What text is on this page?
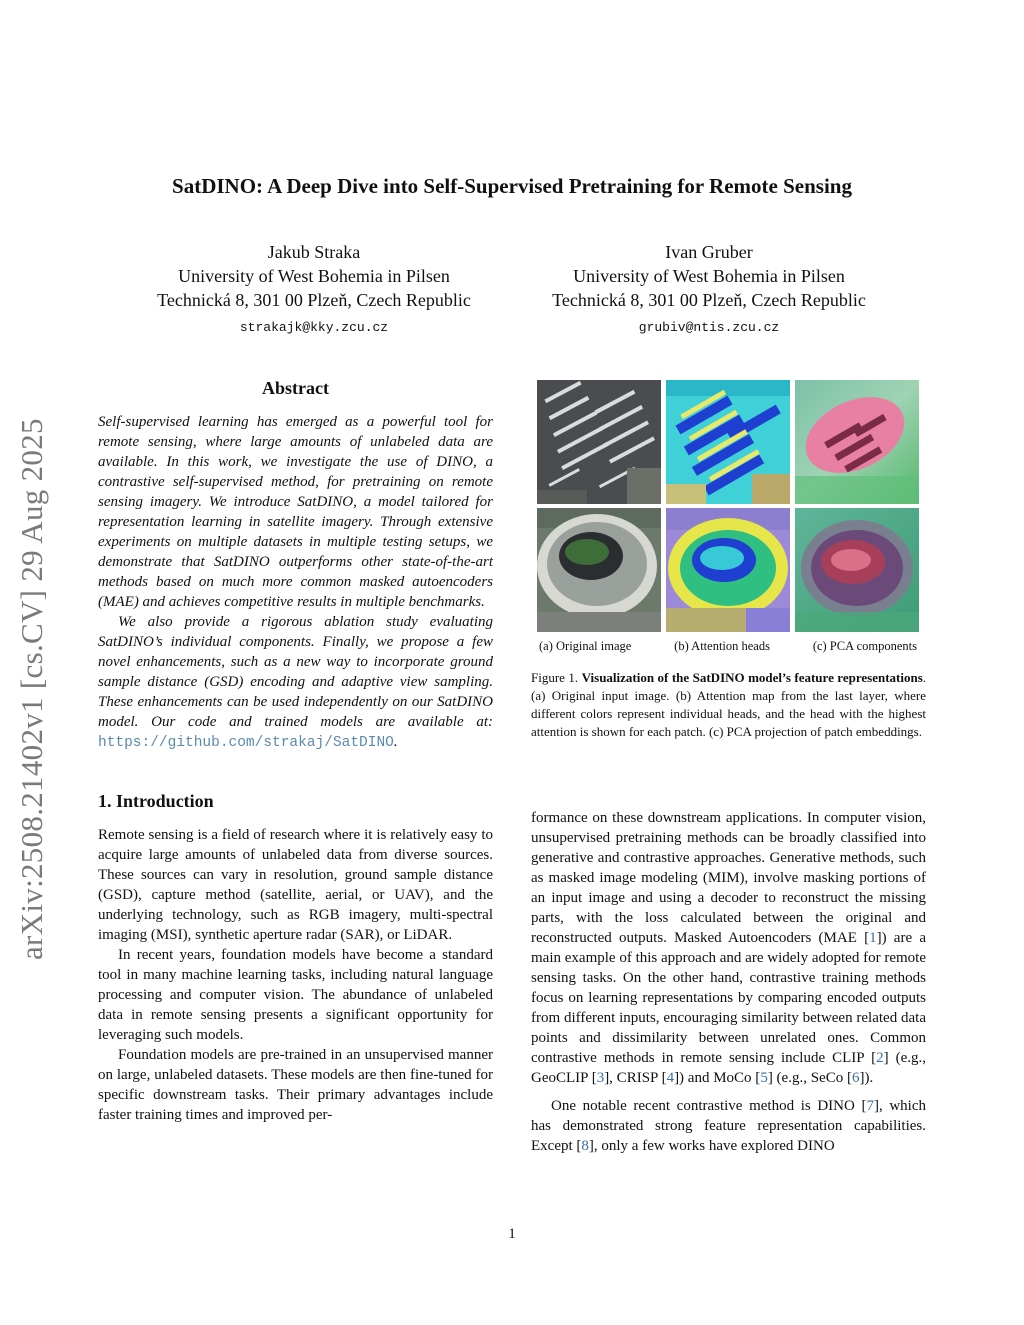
SatDINO: A Deep Dive into Self-Supervised Pretraining for Remote Sensing
Jakub Straka
University of West Bohemia in Pilsen
Technická 8, 301 00 Plzeň, Czech Republic
strakajk@kky.zcu.cz
Ivan Gruber
University of West Bohemia in Pilsen
Technická 8, 301 00 Plzeň, Czech Republic
grubiv@ntis.zcu.cz
arXiv:2508.21402v1 [cs.CV] 29 Aug 2025
Abstract

Self-supervised learning has emerged as a powerful tool for remote sensing, where large amounts of unlabeled data are available. In this work, we investigate the use of DINO, a contrastive self-supervised method, for pretraining on remote sensing imagery. We introduce SatDINO, a model tailored for representation learning in satellite imagery. Through extensive experiments on multiple datasets in multiple testing setups, we demonstrate that SatDINO outperforms other state-of-the-art methods based on much more common masked autoencoders (MAE) and achieves competitive results in multiple benchmarks.

We also provide a rigorous ablation study evaluating SatDINO’s individual components. Finally, we propose a few novel enhancements, such as a new way to incorporate ground sample distance (GSD) encoding and adaptive view sampling. These enhancements can be used independently on our SatDINO model. Our code and trained models are available at: https://github.com/strakaj/SatDINO.

1. Introduction

Remote sensing is a field of research where it is relatively easy to acquire large amounts of unlabeled data from diverse sources. These sources can vary in resolution, ground sample distance (GSD), capture method (satellite, aerial, or UAV), and the underlying technology, such as RGB imagery, multi-spectral imaging (MSI), synthetic aperture radar (SAR), or LiDAR.

In recent years, foundation models have become a standard tool in many machine learning tasks, including natural language processing and computer vision. The abundance of unlabeled data in remote sensing presents a significant opportunity for leveraging such models.

Foundation models are pre-trained in an unsupervised manner on large, unlabeled datasets. These models are then fine-tuned for specific downstream tasks. Their primary advantages include faster training times and improved per-

(a) Original image	(b) Attention heads	(c) PCA components
Figure 1. Visualization of the SatDINO model’s feature representations. (a) Original input image. (b) Attention map from the last layer, where different colors represent individual heads, and the head with the highest attention is shown for each patch. (c) PCA projection of patch embeddings.

formance on these downstream applications. In computer vision, unsupervised pretraining methods can be broadly classified into generative and contrastive approaches. Generative methods, such as masked image modeling (MIM), involve masking portions of an input image and using a decoder to reconstruct the missing parts, with the loss calculated between the original and reconstructed outputs. Masked Autoencoders (MAE [1]) are a main example of this approach and are widely adopted for remote sensing tasks. On the other hand, contrastive training methods focus on learning representations by comparing encoded outputs from different inputs, encouraging similarity between related data points and dissimilarity between unrelated ones. Common contrastive methods in remote sensing include CLIP [2] (e.g., GeoCLIP [3], CRISP [4]) and MoCo [5] (e.g., SeCo [6]).

One notable recent contrastive method is DINO [7], which has demonstrated strong feature representation capabilities. Except [8], only a few works have explored DINO

1
